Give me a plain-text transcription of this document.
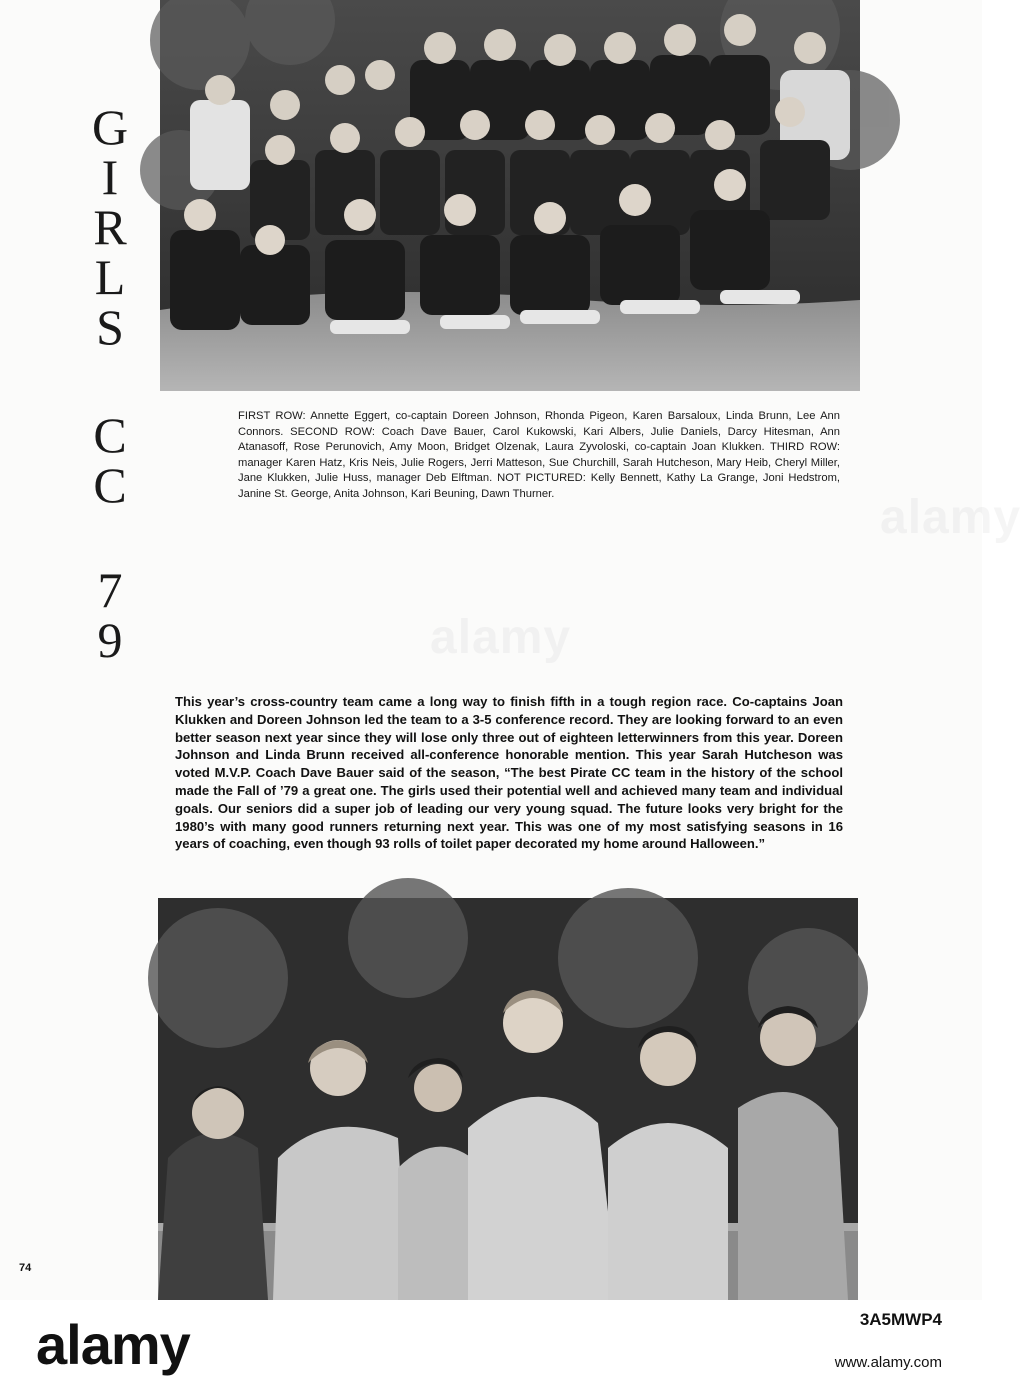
G
I
R
L
S
C
C
7
9
FIRST ROW: Annette Eggert, co-captain Doreen Johnson, Rhonda Pigeon, Karen Barsaloux, Linda Brunn, Lee Ann Connors. SECOND ROW: Coach Dave Bauer, Carol Kukowski, Kari Albers, Julie Daniels, Darcy Hitesman, Ann Atanasoff, Rose Perunovich, Amy Moon, Bridget Olzenak, Laura Zyvoloski, co-captain Joan Klukken. THIRD ROW: manager Karen Hatz, Kris Neis, Julie Rogers, Jerri Matteson, Sue Churchill, Sarah Hutcheson, Mary Heib, Cheryl Miller, Jane Klukken, Julie Huss, manager Deb Elftman. NOT PICTURED: Kelly Bennett, Kathy La Grange, Joni Hedstrom, Janine St. George, Anita Johnson, Kari Beuning, Dawn Thurner.
alamy
alamy
This year’s cross-country team came a long way to finish fifth in a tough region race. Co-captains Joan Klukken and Doreen Johnson led the team to a 3-5 conference record. They are looking forward to an even better season next year since they will lose only three out of eighteen letterwinners from this year. Doreen Johnson and Linda Brunn received all-conference honorable mention. This year Sarah Hutcheson was voted M.V.P. Coach Dave Bauer said of the season, “The best Pirate CC team in the history of the school made the Fall of ’79 a great one. The girls used their potential well and achieved many team and individual goals. Our seniors did a super job of leading our very young squad. The future looks very bright for the 1980’s with many good runners returning next year. This was one of my most satisfying seasons in 16 years of coaching, even though 93 rolls of toilet paper decorated my home around Halloween.”
74
alamy	3A5MWP4
www.alamy.com
